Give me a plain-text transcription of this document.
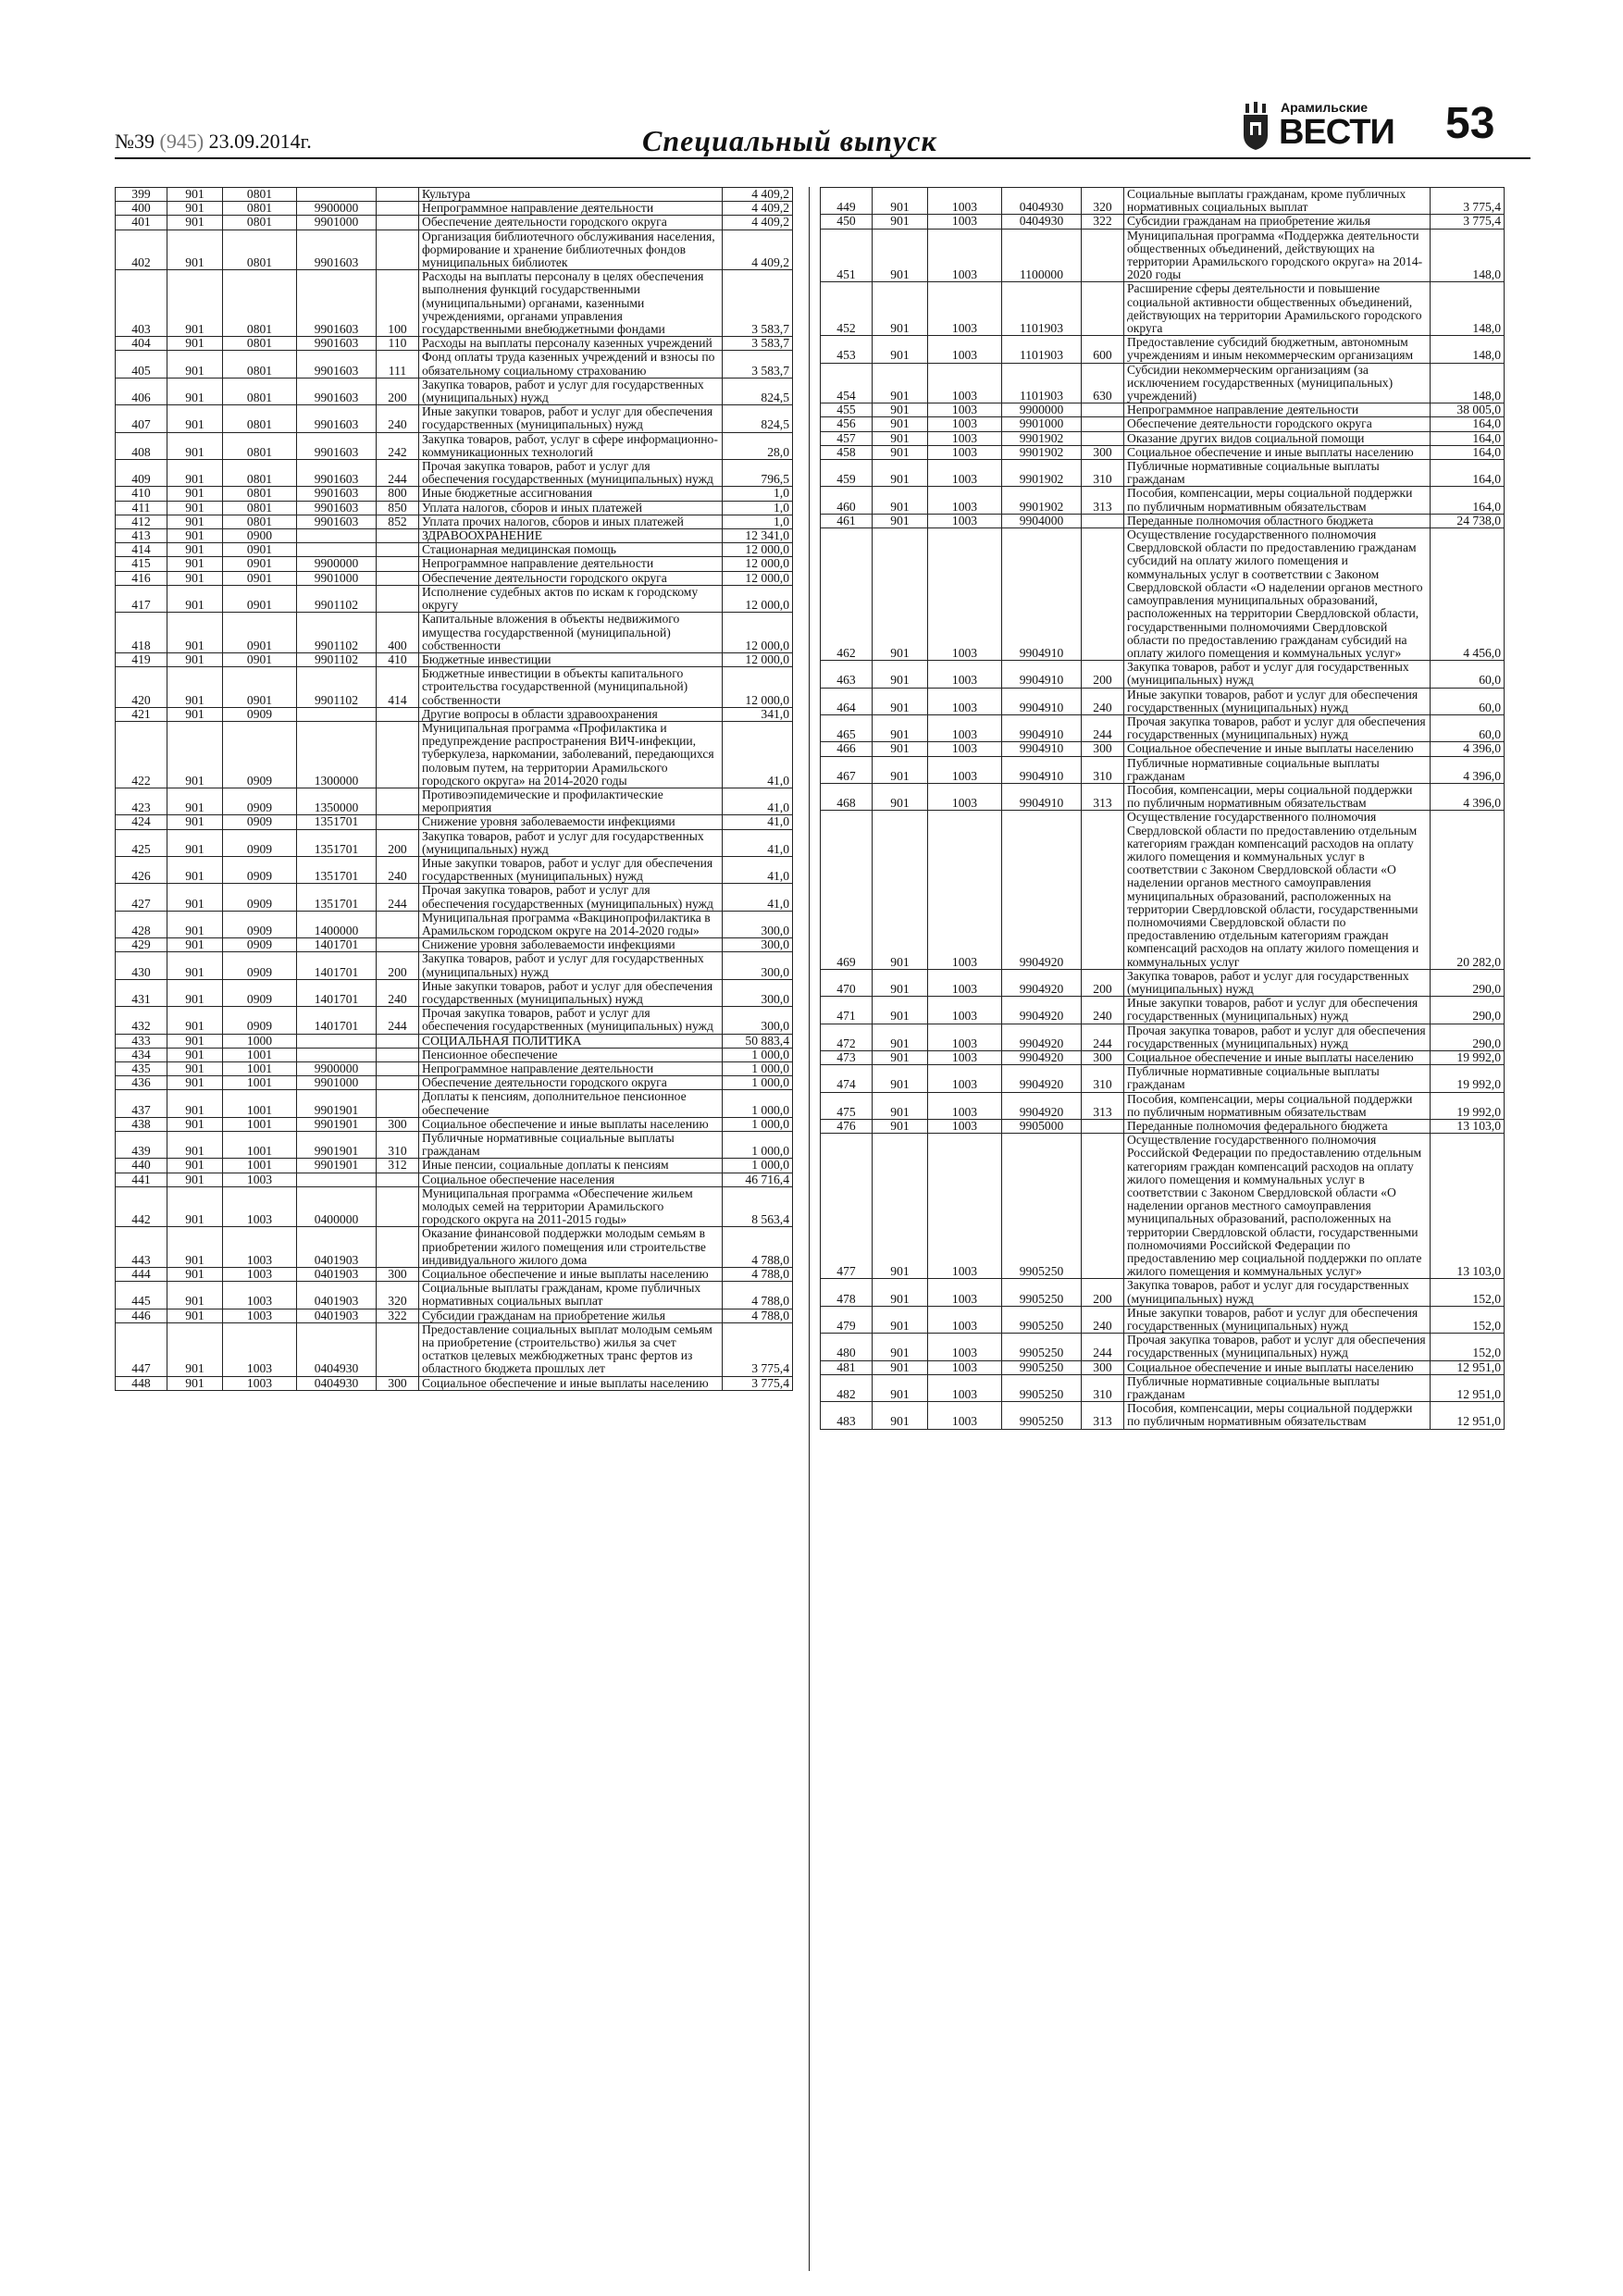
№39 (945) 23.09.2014г.	Специальный выпуск
Арамильские
ВЕСТИ 53
399	901	0801			Культура	4 409,2
400	901	0801	9900000		Непрограммное направление деятельности	4 409,2
401	901	0801	9901000		Обеспечение деятельности городского округа	4 409,2
402	901	0801	9901603		Организация библиотечного обслуживания населения, формирование и хранение библиотечных фондов муниципальных библиотек	4 409,2
403	901	0801	9901603	100	Расходы на выплаты персоналу в целях обеспечения выполнения функций государственными (муниципальными) органами, казенными учреждениями, органами управления государственными внебюджетными фондами	3 583,7
404	901	0801	9901603	110	Расходы на выплаты персоналу казенных учреждений	3 583,7
405	901	0801	9901603	111	Фонд оплаты труда казенных учреждений и взносы по обязательному социальному страхованию	3 583,7
406	901	0801	9901603	200	Закупка товаров, работ и услуг для государственных (муниципальных) нужд	824,5
407	901	0801	9901603	240	Иные закупки товаров, работ и услуг для обеспечения государственных (муниципальных) нужд	824,5
408	901	0801	9901603	242	Закупка товаров, работ, услуг в сфере информационно-коммуникационных технологий	28,0
409	901	0801	9901603	244	Прочая закупка товаров, работ и услуг для обеспечения государственных (муниципальных) нужд	796,5
410	901	0801	9901603	800	Иные бюджетные ассигнования	1,0
411	901	0801	9901603	850	Уплата налогов, сборов и иных платежей	1,0
412	901	0801	9901603	852	Уплата прочих налогов, сборов и иных платежей	1,0
413	901	0900			ЗДРАВООХРАНЕНИЕ	12 341,0
414	901	0901			Стационарная медицинская помощь	12 000,0
415	901	0901	9900000		Непрограммное направление деятельности	12 000,0
416	901	0901	9901000		Обеспечение деятельности городского округа	12 000,0
417	901	0901	9901102		Исполнение судебных актов по искам к городскому округу	12 000,0
418	901	0901	9901102	400	Капитальные вложения в объекты недвижимого имущества государственной (муниципальной) собственности	12 000,0
419	901	0901	9901102	410	Бюджетные инвестиции	12 000,0
420	901	0901	9901102	414	Бюджетные инвестиции в объекты капитального строительства государственной (муниципальной) собственности	12 000,0
421	901	0909			Другие вопросы в области здравоохранения	341,0
422	901	0909	1300000		Муниципальная программа «Профилактика и предупреждение распространения ВИЧ-инфекции, туберкулеза, наркомании, заболеваний, передающихся половым путем, на территории Арамильского городского округа» на 2014-2020 годы	41,0
423	901	0909	1350000		Противоэпидемические и профилактические мероприятия	41,0
424	901	0909	1351701		Снижение уровня заболеваемости инфекциями	41,0
425	901	0909	1351701	200	Закупка товаров, работ и услуг для государственных (муниципальных) нужд	41,0
426	901	0909	1351701	240	Иные закупки товаров, работ и услуг для обеспечения государственных (муниципальных) нужд	41,0
427	901	0909	1351701	244	Прочая закупка товаров, работ и услуг для обеспечения государственных (муниципальных) нужд	41,0
428	901	0909	1400000		Муниципальная программа «Вакцинопрофилактика в Арамильском городском округе на 2014-2020 годы»	300,0
429	901	0909	1401701		Снижение уровня заболеваемости инфекциями	300,0
430	901	0909	1401701	200	Закупка товаров, работ и услуг для государственных (муниципальных) нужд	300,0
431	901	0909	1401701	240	Иные закупки товаров, работ и услуг для обеспечения государственных (муниципальных) нужд	300,0
432	901	0909	1401701	244	Прочая закупка товаров, работ и услуг для обеспечения государственных (муниципальных) нужд	300,0
433	901	1000			СОЦИАЛЬНАЯ ПОЛИТИКА	50 883,4
434	901	1001			Пенсионное обеспечение	1 000,0
435	901	1001	9900000		Непрограммное направление деятельности	1 000,0
436	901	1001	9901000		Обеспечение деятельности городского округа	1 000,0
437	901	1001	9901901		Доплаты к пенсиям, дополнительное пенсионное обеспечение	1 000,0
438	901	1001	9901901	300	Социальное обеспечение и иные выплаты населению	1 000,0
439	901	1001	9901901	310	Публичные нормативные социальные выплаты гражданам	1 000,0
440	901	1001	9901901	312	Иные пенсии, социальные доплаты к пенсиям	1 000,0
441	901	1003			Социальное обеспечение населения	46 716,4
442	901	1003	0400000		Муниципальная программа «Обеспечение жильем молодых семей на территории Арамильского городского округа на 2011-2015 годы»	8 563,4
443	901	1003	0401903		Оказание финансовой поддержки молодым семьям в приобретении жилого помещения или строительстве индивидуального жилого дома	4 788,0
444	901	1003	0401903	300	Социальное обеспечение и иные выплаты населению	4 788,0
445	901	1003	0401903	320	Социальные выплаты гражданам, кроме публичных нормативных социальных выплат	4 788,0
446	901	1003	0401903	322	Субсидии гражданам на приобретение жилья	4 788,0
447	901	1003	0404930		Предоставление социальных выплат молодым семьям на приобретение (строительство) жилья за счет остатков целевых межбюджетных транс фертов из областного бюджета прошлых лет	3 775,4
448	901	1003	0404930	300	Социальное обеспечение и иные выплаты населению	3 775,4
449	901	1003	0404930	320	Социальные выплаты гражданам, кроме публичных нормативных социальных выплат	3 775,4
450	901	1003	0404930	322	Субсидии гражданам на приобретение жилья	3 775,4
451	901	1003	1100000		Муниципальная программа «Поддержка деятельности общественных объединений, действующих на территории Арамильского городского округа» на 2014-2020 годы	148,0
452	901	1003	1101903		Расширение сферы деятельности и повышение социальной активности общественных объединений, действующих на территории Арамильского городского округа	148,0
453	901	1003	1101903	600	Предоставление субсидий бюджетным, автономным учреждениям и иным некоммерческим организациям	148,0
454	901	1003	1101903	630	Субсидии некоммерческим организациям (за исключением государственных (муниципальных) учреждений)	148,0
455	901	1003	9900000		Непрограммное направление деятельности	38 005,0
456	901	1003	9901000		Обеспечение деятельности городского округа	164,0
457	901	1003	9901902		Оказание других видов социальной помощи	164,0
458	901	1003	9901902	300	Социальное обеспечение и иные выплаты населению	164,0
459	901	1003	9901902	310	Публичные нормативные социальные выплаты гражданам	164,0
460	901	1003	9901902	313	Пособия, компенсации, меры социальной поддержки по публичным нормативным обязательствам	164,0
461	901	1003	9904000		Переданные полномочия областного бюджета	24 738,0
462	901	1003	9904910		Осуществление государственного полномочия Свердловской области по предоставлению гражданам субсидий на оплату жилого помещения и коммунальных услуг в соответствии с Законом Свердловской области «О наделении органов местного самоуправления муниципальных образований, расположенных на территории Свердловской области, государственными полномочиями Свердловской области по предоставлению гражданам субсидий на оплату жилого помещения и коммунальных услуг»	4 456,0
463	901	1003	9904910	200	Закупка товаров, работ и услуг для государственных (муниципальных) нужд	60,0
464	901	1003	9904910	240	Иные закупки товаров, работ и услуг для обеспечения государственных (муниципальных) нужд	60,0
465	901	1003	9904910	244	Прочая закупка товаров, работ и услуг для обеспечения государственных (муниципальных) нужд	60,0
466	901	1003	9904910	300	Социальное обеспечение и иные выплаты населению	4 396,0
467	901	1003	9904910	310	Публичные нормативные социальные выплаты гражданам	4 396,0
468	901	1003	9904910	313	Пособия, компенсации, меры социальной поддержки по публичным нормативным обязательствам	4 396,0
469	901	1003	9904920		Осуществление государственного полномочия Свердловской области по предоставлению отдельным категориям граждан компенсаций расходов на оплату жилого помещения и коммунальных услуг в соответствии с Законом Свердловской области «О наделении органов местного самоуправления муниципальных образований, расположенных на территории Свердловской области, государственными полномочиями Свердловской области по предоставлению отдельным категориям граждан компенсаций расходов на оплату жилого помещения и коммунальных услуг	20 282,0
470	901	1003	9904920	200	Закупка товаров, работ и услуг для государственных (муниципальных) нужд	290,0
471	901	1003	9904920	240	Иные закупки товаров, работ и услуг для обеспечения государственных (муниципальных) нужд	290,0
472	901	1003	9904920	244	Прочая закупка товаров, работ и услуг для обеспечения государственных (муниципальных) нужд	290,0
473	901	1003	9904920	300	Социальное обеспечение и иные выплаты населению	19 992,0
474	901	1003	9904920	310	Публичные нормативные социальные выплаты гражданам	19 992,0
475	901	1003	9904920	313	Пособия, компенсации, меры социальной поддержки по публичным нормативным обязательствам	19 992,0
476	901	1003	9905000		Переданные полномочия федерального бюджета	13 103,0
477	901	1003	9905250		Осуществление государственного полномочия Российской Федерации по предоставлению отдельным категориям граждан компенсаций расходов на оплату жилого помещения и коммунальных услуг в соответствии с Законом Свердловской области «О наделении органов местного самоуправления муниципальных образований, расположенных на территории Свердловской области, государственными полномочиями Российской Федерации по предоставлению мер социальной поддержки по оплате жилого помещения и коммунальных услуг»	13 103,0
478	901	1003	9905250	200	Закупка товаров, работ и услуг для государственных (муниципальных) нужд	152,0
479	901	1003	9905250	240	Иные закупки товаров, работ и услуг для обеспечения государственных (муниципальных) нужд	152,0
480	901	1003	9905250	244	Прочая закупка товаров, работ и услуг для обеспечения государственных (муниципальных) нужд	152,0
481	901	1003	9905250	300	Социальное обеспечение и иные выплаты населению	12 951,0
482	901	1003	9905250	310	Публичные нормативные социальные выплаты гражданам	12 951,0
483	901	1003	9905250	313	Пособия, компенсации, меры социальной поддержки по публичным нормативным обязательствам	12 951,0
